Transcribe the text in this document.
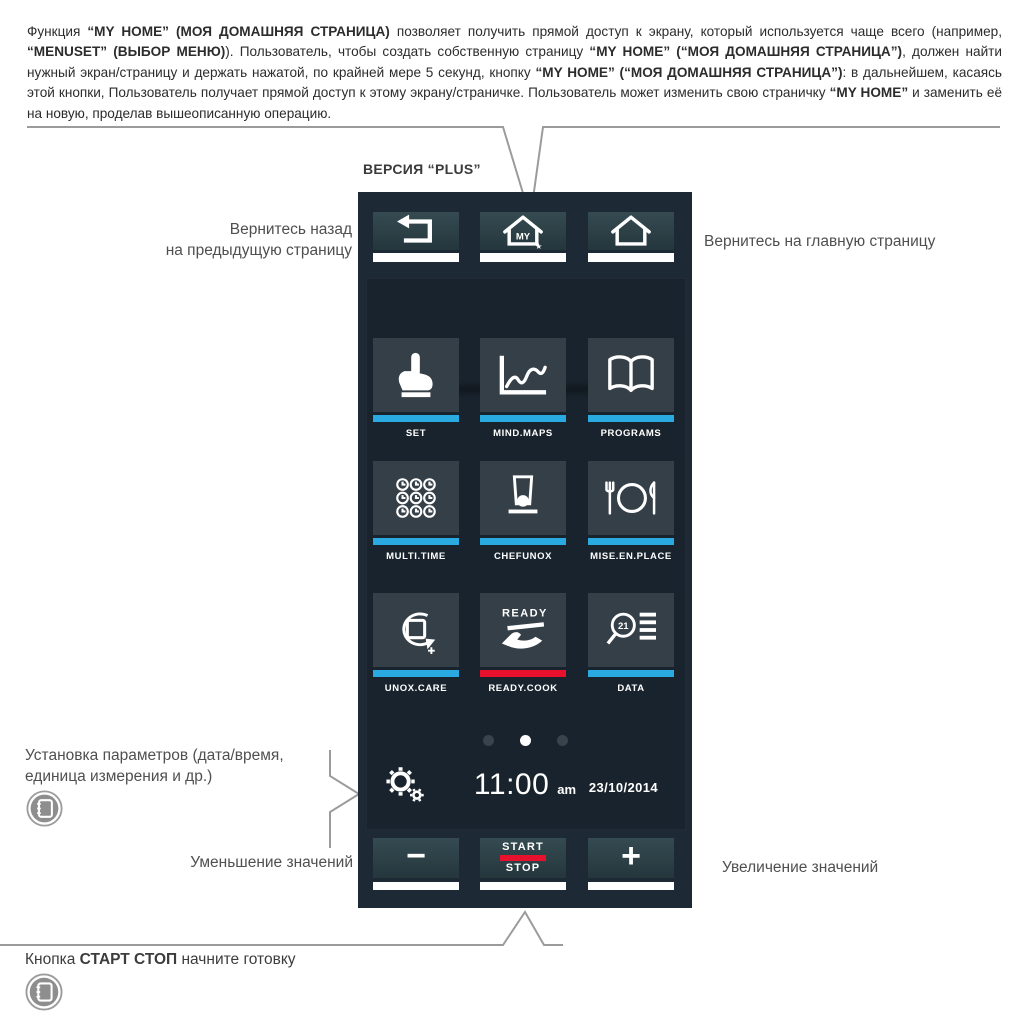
Функция “MY HOME” (МОЯ ДОМАШНЯЯ СТРАНИЦА) позволяет получить прямой доступ к экрану, который используется чаще всего (например, “MENUSET” (ВЫБОР МЕНЮ)). Пользователь, чтобы создать собственную страницу “MY HOME” (“МОЯ ДОМАШНЯЯ СТРАНИЦА”), должен найти нужный экран/страницу и держать нажатой, по крайней мере 5 секунд, кнопку “MY HOME” (“МОЯ ДОМАШНЯЯ СТРАНИЦА”): в дальнейшем, касаясь этой кнопки, Пользователь получает прямой доступ к этому экрану/страничке. Пользователь может изменить свою страничку “MY HOME” и заменить её на новую, проделав вышеописанную операцию.

ВЕРСИЯ “PLUS”
MY
★
SET	MIND.MAPS	PROGRAMS
MULTI.TIME	CHEFUNOX	MISE.EN.PLACE
UNOX.CARE
READY
READY.COOK
21
DATA
11:00 am 23/10/2014
−	START
STOP +
Вернитесь назад
на предыдущую страницу	Вернитесь на главную страницу
Установка параметров (дата/время,
единица измерения и др.)
Уменьшение значений	Увеличение значений
Кнопка СТАРТ СТОП начните готовку
